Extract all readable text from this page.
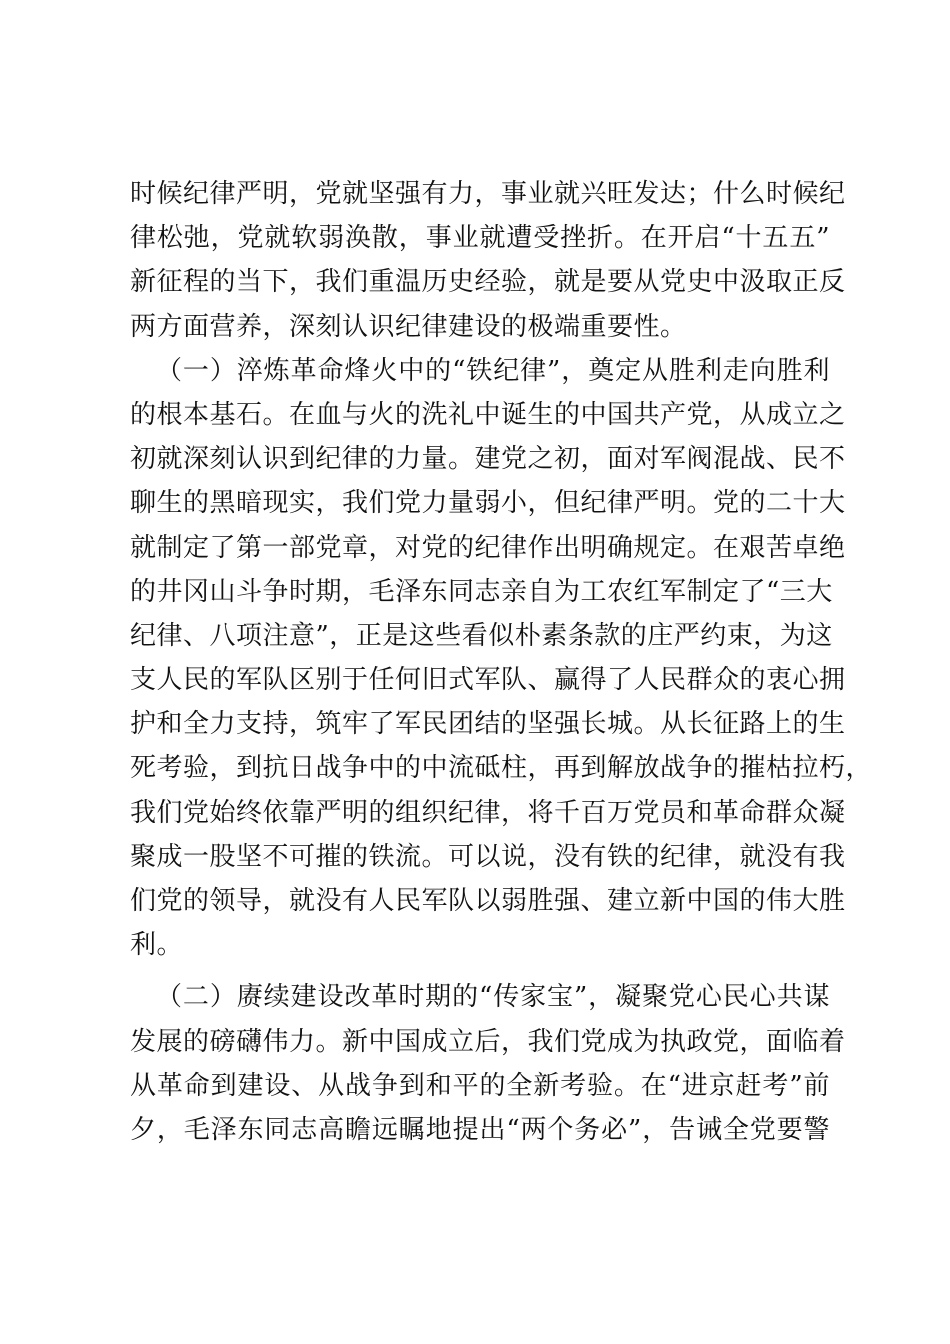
时候纪律严明，党就坚强有力，事业就兴旺发达；什么时候纪
律松弛，党就软弱涣散，事业就遭受挫折。在开启“十五五”
新征程的当下，我们重温历史经验，就是要从党史中汲取正反
两方面营养，深刻认识纪律建设的极端重要性。
（一）淬炼革命烽火中的“铁纪律”，奠定从胜利走向胜利
的根本基石。在血与火的洗礼中诞生的中国共产党，从成立之
初就深刻认识到纪律的力量。建党之初，面对军阀混战、民不
聊生的黑暗现实，我们党力量弱小，但纪律严明。党的二十大
就制定了第一部党章，对党的纪律作出明确规定。在艰苦卓绝
的井冈山斗争时期，毛泽东同志亲自为工农红军制定了“三大
纪律、八项注意”，正是这些看似朴素条款的庄严约束，为这
支人民的军队区别于任何旧式军队、赢得了人民群众的衷心拥
护和全力支持，筑牢了军民团结的坚强长城。从长征路上的生
死考验，到抗日战争中的中流砥柱，再到解放战争的摧枯拉朽，
我们党始终依靠严明的组织纪律，将千百万党员和革命群众凝
聚成一股坚不可摧的铁流。可以说，没有铁的纪律，就没有我
们党的领导，就没有人民军队以弱胜强、建立新中国的伟大胜
利。
（二）赓续建设改革时期的“传家宝”，凝聚党心民心共谋
发展的磅礴伟力。新中国成立后，我们党成为执政党，面临着
从革命到建设、从战争到和平的全新考验。在“进京赶考”前
夕，毛泽东同志高瞻远瞩地提出“两个务必”，告诫全党要警
